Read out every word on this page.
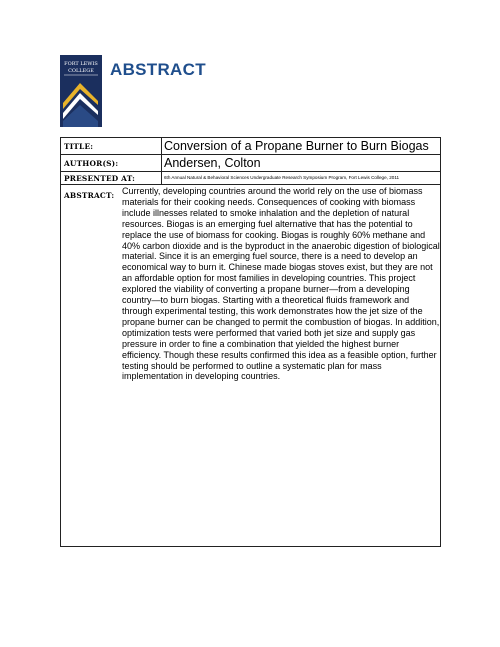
FORT LEWIS
COLLEGE ABSTRACT
TITLE:	Conversion of a Propane Burner to Burn Biogas
AUTHOR(S):	Andersen, Colton
PRESENTED AT:	6th Annual Natural & Behavioral Sciences Undergraduate Research Symposium Program, Fort Lewis College, 2011
ABSTRACT: Currently, developing countries around the world rely on the use of biomass materials for their cooking needs. Consequences of cooking with biomass include illnesses related to smoke inhalation and the depletion of natural resources. Biogas is an emerging fuel alternative that has the potential to replace the use of biomass for cooking. Biogas is roughly 60% methane and 40% carbon dioxide and is the byproduct in the anaerobic digestion of biological material. Since it is an emerging fuel source, there is a need to develop an economical way to burn it. Chinese made biogas stoves exist, but they are not an affordable option for most families in developing countries. This project explored the viability of converting a propane burner—from a developing country—to burn biogas. Starting with a theoretical fluids framework and through experimental testing, this work demonstrates how the jet size of the propane burner can be changed to permit the combustion of biogas. In addition, optimization tests were performed that varied both jet size and supply gas pressure in order to fine a combination that yielded the highest burner efficiency. Though these results confirmed this idea as a feasible option, further testing should be performed to outline a systematic plan for mass implementation in developing countries.
